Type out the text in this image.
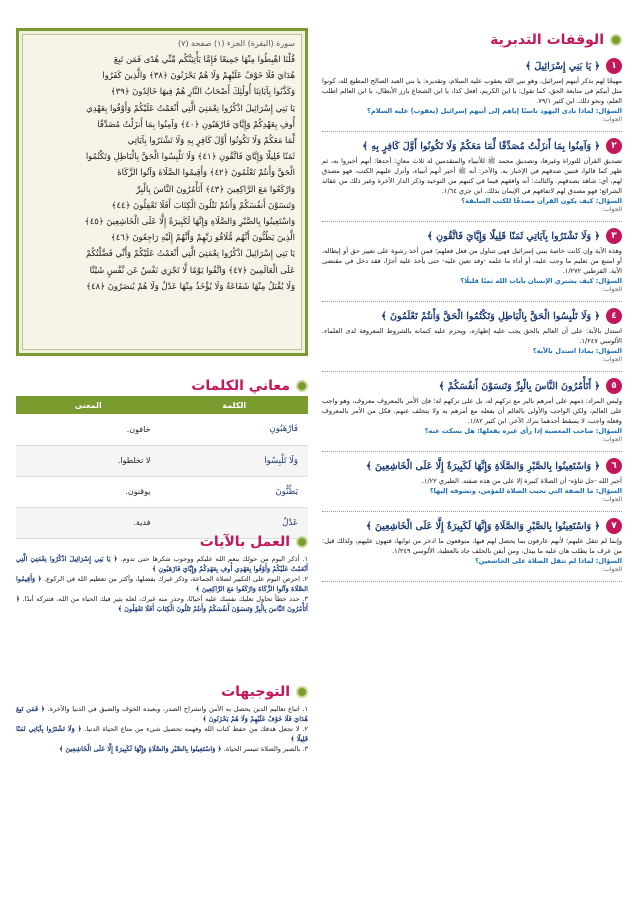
الوقفات التدبرية
١
﴿ يَا بَنِي إِسْرَائِيلَ ﴾
مهيجًا لهم بذكر أبيهم إسرائيل، وهو نبي الله يعقوب عليه السلام، وتقديره: يا بني العبد الصالح المطيع لله، كونوا مثل أبيكم في متابعة الحق، كما تقول: يا ابن الكريم، افعل كذا، يا ابن الشجاع بارز الأبطال، يا ابن العالم اطلب العلم، ونحو ذلك. ابن كثير ٧٩/١.
السؤال: لماذا نادى اليهود ناسبًا إياهم إلى أبيهم إسرائيل (يعقوب) عليه السلام؟
الجواب:
٢
﴿ وَآمِنُوا بِمَا أَنزَلْتُ مُصَدِّقًا لِّمَا مَعَكُمْ وَلَا تَكُونُوا أَوَّلَ كَافِرٍ بِهِ ﴾
تصديق القرآن للتوراة وغيرها، وتصديق محمد ﷺ للأنبياء والمتقدمين له ثلاث معانٍ: أحدها: أنهم أخبروا به، ثم ظهر كما قالوا، فتبين صدقهم في الإخبار به. والآخر: أنه ﷺ أخبر أنهم أنبياء، وأنزل عليهم الكتب، فهو مصدق لهم، أي: شاهد بصدقهم. والثالث: أنه وافقهم فيما في كتبهم من التوحيد وذكر الدار الآخرة وغير ذلك من عقائد الشرائع؛ فهو مصدق لهم لاتفاقهم في الإيمان بذلك. ابن جزي ١/٦٤.
السؤال: كيف يكون القرآن مصدقًا للكتب السابقة؟
الجواب:
٣
﴿ وَلَا تَشْتَرُوا بِآيَاتِي ثَمَنًا قَلِيلًا وَإِيَّايَ فَاتَّقُونِ ﴾
وهذه الآية وإن كانت خاصة ببني إسرائيل فهي تتناول من فعل فعلهم؛ فمن أخذ رشوة على تغيير حق أو إبطاله، أو امتنع من تعليم ما وجب عليه، أو أداء ما علمه -وقد تعين عليه- حتى يأخذ عليه أجرًا، فقد دخل في مقتضى الآية. القرطبي ١/٢٧٢.
السؤال: كيف يشتري الإنسان بآيات الله ثمنًا قليلًا؟
الجواب:
٤
﴿ وَلَا تَلْبِسُوا الْحَقَّ بِالْبَاطِلِ وَتَكْتُمُوا الْحَقَّ وَأَنتُمْ تَعْلَمُونَ ﴾
استدل بالآية: على أن العالم بالحق يجب عليه إظهاره، ويحرم عليه كتمانه بالشروط المعروفة لدى العلماء. الألوسي ١/٢٤٧.
السؤال: بماذا استدل بالآية؟
الجواب:
٥
﴿ أَتَأْمُرُونَ النَّاسَ بِالْبِرِّ وَتَنسَوْنَ أَنفُسَكُمْ ﴾
وليس المراد: ذمهم على أمرهم بالبر مع تركهم له، بل على تركهم له؛ فإن الأمر بالمعروف معروف، وهو واجب على العالم، ولكن الواجب والأولى بالعالم أن يفعله مع أمرهم به ولا يتخلف عنهم، فكل من الأمر بالمعروف وفعله واجب، لا يسقط أحدهما بترك الآخر. ابن كثير ١/٨٢.
السؤال: صاحب المعصية إذا رأى غيره يفعلها: هل يسكت عنه؟
الجواب:
٦
﴿ وَاسْتَعِينُوا بِالصَّبْرِ وَالصَّلَاةِ وَإِنَّهَا لَكَبِيرَةٌ إِلَّا عَلَى الْخَاشِعِينَ ﴾
أخبر الله -جل ثناؤه- أن الصلاة كبيرة إلا على من هذه صفته. الطبري ١/٢٢.
السؤال: ما الصفة التي تحبب الصلاة للمؤمن، وتشوقه إليها؟
الجواب:
٧
﴿ وَاسْتَعِينُوا بِالصَّبْرِ وَالصَّلَاةِ وَإِنَّهَا لَكَبِيرَةٌ إِلَّا عَلَى الْخَاشِعِينَ ﴾
وإنما لم تثقل عليهم؛ لأنهم عارفون بما يحصل لهم فيها، متوقعون ما ادخر من ثوابها، فتهون عليهم، ولذلك قيل: من عرف ما يطلب هان عليه ما يبذل، ومن أيقن بالخلف جاد بالعطية. الألوسي ١/٢٤٩.
السؤال: لماذا لم تثقل الصلاة على الخاشعين؟
الجواب:
سورة (البقرة) الجزء (١) صفحة (٧)
قُلْنَا اهْبِطُوا مِنْهَا جَمِيعًا فَإِمَّا يَأْتِيَنَّكُم مِّنِّي هُدًى فَمَن تَبِعَ
هُدَايَ فَلَا خَوْفٌ عَلَيْهِمْ وَلَا هُمْ يَحْزَنُونَ ﴿٣٨﴾ وَالَّذِينَ كَفَرُوا
وَكَذَّبُوا بِآيَاتِنَا أُولَٰئِكَ أَصْحَابُ النَّارِ هُمْ فِيهَا خَالِدُونَ ﴿٣٩﴾
يَا بَنِي إِسْرَائِيلَ اذْكُرُوا نِعْمَتِيَ الَّتِي أَنْعَمْتُ عَلَيْكُمْ وَأَوْفُوا بِعَهْدِي
أُوفِ بِعَهْدِكُمْ وَإِيَّايَ فَارْهَبُونِ ﴿٤٠﴾ وَآمِنُوا بِمَا أَنزَلْتُ مُصَدِّقًا
لِّمَا مَعَكُمْ وَلَا تَكُونُوا أَوَّلَ كَافِرٍ بِهِ وَلَا تَشْتَرُوا بِآيَاتِي
ثَمَنًا قَلِيلًا وَإِيَّايَ فَاتَّقُونِ ﴿٤١﴾ وَلَا تَلْبِسُوا الْحَقَّ بِالْبَاطِلِ وَتَكْتُمُوا
الْحَقَّ وَأَنتُمْ تَعْلَمُونَ ﴿٤٢﴾ وَأَقِيمُوا الصَّلَاةَ وَآتُوا الزَّكَاةَ
وَارْكَعُوا مَعَ الرَّاكِعِينَ ﴿٤٣﴾ أَتَأْمُرُونَ النَّاسَ بِالْبِرِّ
وَتَنسَوْنَ أَنفُسَكُمْ وَأَنتُمْ تَتْلُونَ الْكِتَابَ أَفَلَا تَعْقِلُونَ ﴿٤٤﴾
وَاسْتَعِينُوا بِالصَّبْرِ وَالصَّلَاةِ وَإِنَّهَا لَكَبِيرَةٌ إِلَّا عَلَى الْخَاشِعِينَ ﴿٤٥﴾
الَّذِينَ يَظُنُّونَ أَنَّهُم مُّلَاقُو رَبِّهِمْ وَأَنَّهُمْ إِلَيْهِ رَاجِعُونَ ﴿٤٦﴾
يَا بَنِي إِسْرَائِيلَ اذْكُرُوا نِعْمَتِيَ الَّتِي أَنْعَمْتُ عَلَيْكُمْ وَأَنِّي فَضَّلْتُكُمْ
عَلَى الْعَالَمِينَ ﴿٤٧﴾ وَاتَّقُوا يَوْمًا لَّا تَجْزِي نَفْسٌ عَن نَّفْسٍ شَيْئًا
وَلَا يُقْبَلُ مِنْهَا شَفَاعَةٌ وَلَا يُؤْخَذُ مِنْهَا عَدْلٌ وَلَا هُمْ يُنصَرُونَ ﴿٤٨﴾
معاني الكلمات
الكلمة	المعنى
فَارْهَبُونِ	خافون.
وَلَا تَلْبِسُوا	لا تخلطوا.
يَظُنُّونَ	يوقنون.
عَدْلٌ	فدية.
العمل بالآيات
١. أذكر اليوم من حولك بنعم الله عليكم ووجوب شكرها حتى تدوم. ﴿ يَا بَنِي إِسْرَائِيلَ اذْكُرُوا نِعْمَتِيَ الَّتِي أَنْعَمْتُ عَلَيْكُمْ وَأَوْفُوا بِعَهْدِي أُوفِ بِعَهْدِكُمْ وَإِيَّايَ فَارْهَبُونِ ﴾
٢. احرص اليوم على التكبير لصلاة الجماعة، وذكر غيرك بفضلها، وأكثر من تعظيم الله في الركوع. ﴿ وَأَقِيمُوا الصَّلَاةَ وَآتُوا الزَّكَاةَ وَارْكَعُوا مَعَ الرَّاكِعِينَ ﴾
٣. حدد خطأ تحاول تغليك نفسك عليه أحيانًا، وحذر منه غيرك، لعله يثير فيك الحياء من الله، فتتركه أبدًا. ﴿ أَتَأْمُرُونَ النَّاسَ بِالْبِرِّ وَتَنسَوْنَ أَنفُسَكُمْ وَأَنتُمْ تَتْلُونَ الْكِتَابَ أَفَلَا تَعْقِلُونَ ﴾
التوجيهات
١. اتباع تعاليم الدين يحصل به الأمن وانشراح الصدر، وبعبده الخوف والضيق في الدنيا والآخرة. ﴿ فَمَن تَبِعَ هُدَايَ فَلَا خَوْفٌ عَلَيْهِمْ وَلَا هُمْ يَحْزَنُونَ ﴾
٢. لا تجعل هدفك من حفظ كتاب الله وفهمه تحصيل شيء من متاع الحياة الدنيا. ﴿ وَلَا تَشْتَرُوا بِآيَاتِي ثَمَنًا قَلِيلًا ﴾
٣. بالصبر والصلاة تتيسر الحياة. ﴿ وَاسْتَعِينُوا بِالصَّبْرِ وَالصَّلَاةِ وَإِنَّهَا لَكَبِيرَةٌ إِلَّا عَلَى الْخَاشِعِينَ ﴾
